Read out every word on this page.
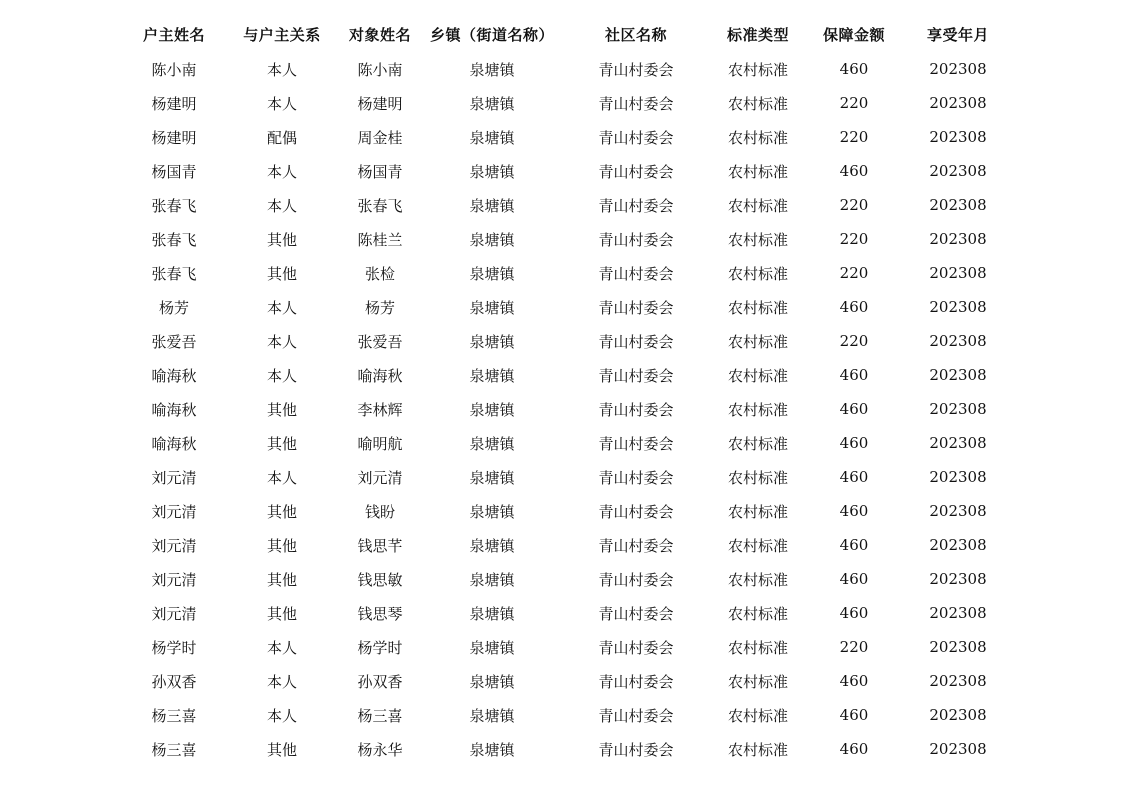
户主姓名	与户主关系	对象姓名	乡镇（街道名称）	社区名称	标准类型	保障金额	享受年月
陈小南	本人	陈小南	泉塘镇	青山村委会	农村标准	460	202308
杨建明	本人	杨建明	泉塘镇	青山村委会	农村标准	220	202308
杨建明	配偶	周金桂	泉塘镇	青山村委会	农村标准	220	202308
杨国青	本人	杨国青	泉塘镇	青山村委会	农村标准	460	202308
张春飞	本人	张春飞	泉塘镇	青山村委会	农村标准	220	202308
张春飞	其他	陈桂兰	泉塘镇	青山村委会	农村标准	220	202308
张春飞	其他	张检	泉塘镇	青山村委会	农村标准	220	202308
杨芳	本人	杨芳	泉塘镇	青山村委会	农村标准	460	202308
张爱吾	本人	张爱吾	泉塘镇	青山村委会	农村标准	220	202308
喻海秋	本人	喻海秋	泉塘镇	青山村委会	农村标准	460	202308
喻海秋	其他	李林辉	泉塘镇	青山村委会	农村标准	460	202308
喻海秋	其他	喻明航	泉塘镇	青山村委会	农村标准	460	202308
刘元清	本人	刘元清	泉塘镇	青山村委会	农村标准	460	202308
刘元清	其他	钱盼	泉塘镇	青山村委会	农村标准	460	202308
刘元清	其他	钱思芊	泉塘镇	青山村委会	农村标准	460	202308
刘元清	其他	钱思敏	泉塘镇	青山村委会	农村标准	460	202308
刘元清	其他	钱思琴	泉塘镇	青山村委会	农村标准	460	202308
杨学时	本人	杨学时	泉塘镇	青山村委会	农村标准	220	202308
孙双香	本人	孙双香	泉塘镇	青山村委会	农村标准	460	202308
杨三喜	本人	杨三喜	泉塘镇	青山村委会	农村标准	460	202308
杨三喜	其他	杨永华	泉塘镇	青山村委会	农村标准	460	202308
